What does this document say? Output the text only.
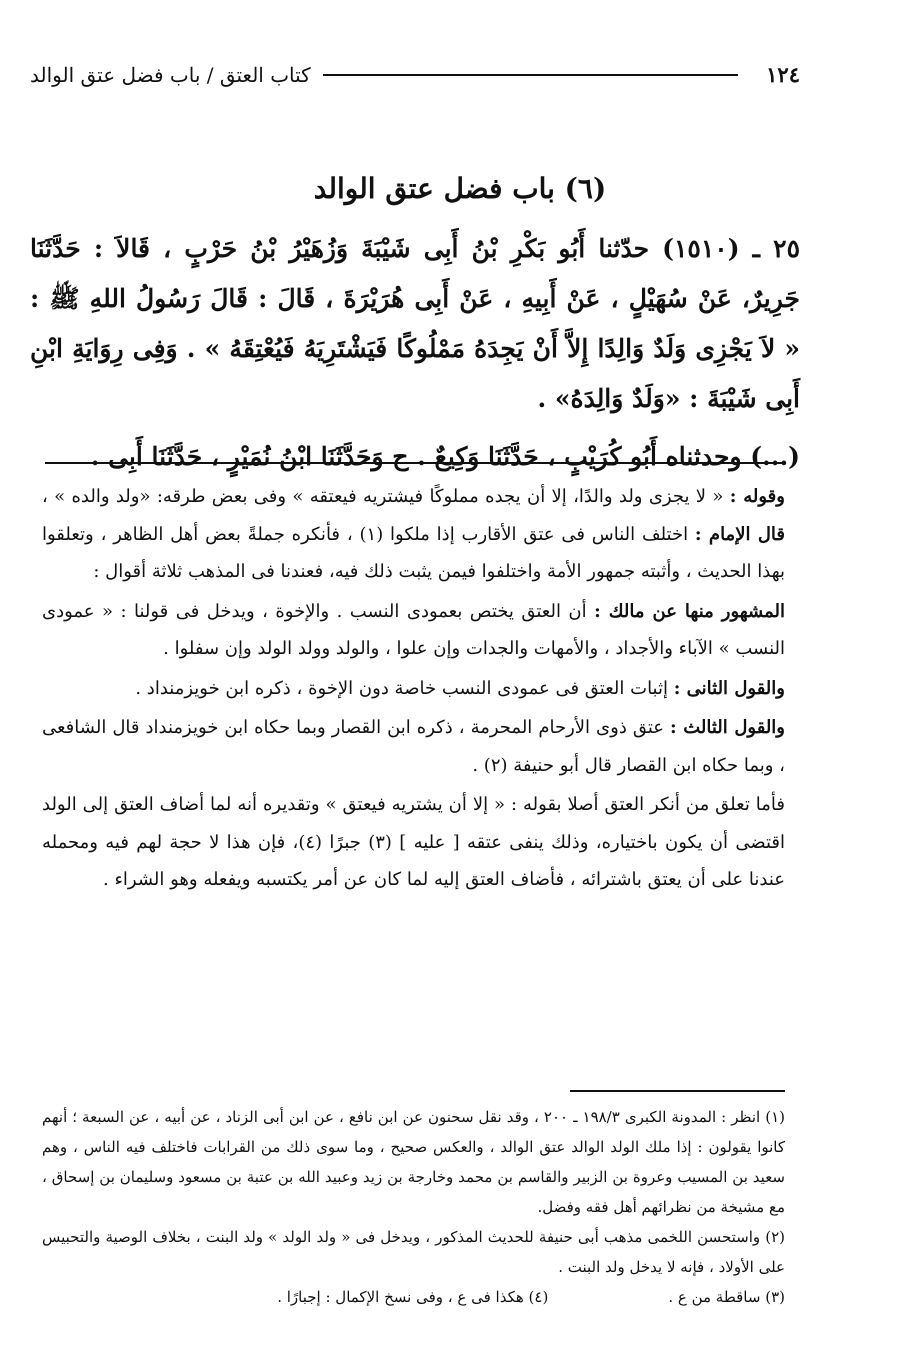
١٢٤
كتاب العتق / باب فضل عتق الوالد
(٦) باب فضل عتق الوالد

٢٥ ـ (١٥١٠) حدّثنا أَبُو بَكْرِ بْنُ أَبِى شَيْبَةَ وَزُهَيْرُ بْنُ حَرْبٍ ، قَالاَ : حَدَّثَنَا جَرِيرٌ، عَنْ سُهَيْلٍ ، عَنْ أَبِيهِ ، عَنْ أَبِى هُرَيْرَةَ ، قَالَ : قَالَ رَسُولُ اللهِ ﷺ : « لاَ يَجْزِى وَلَدٌ وَالِدًا إِلاَّ أَنْ يَجِدَهُ مَمْلُوكًا فَيَشْتَرِيَهُ فَيُعْتِقَهُ » . وَفِى رِوَايَةِ ابْنِ أَبِى شَيْبَةَ : «وَلَدٌ وَالِدَهُ» .

(...) وحدثناه أَبُو كُرَيْبٍ ، حَدَّثَنَا وَكِيعٌ . ح وَحَدَّثَنَا ابْنُ نُمَيْرٍ ، حَدَّثَنَا أَبِى .

وقوله : « لا يجزى ولد والدًا، إلا أن يجده مملوكًا فيشتريه فيعتقه » وفى بعض طرقه: «ولد والده » ، قال الإمام : اختلف الناس فى عتق الأقارب إذا ملكوا (١) ، فأنكره جملةً بعض أهل الظاهر ، وتعلقوا بهذا الحديث ، وأثبته جمهور الأمة واختلفوا فيمن يثبت ذلك فيه، فعندنا فى المذهب ثلاثة أقوال :

المشهور منها عن مالك : أن العتق يختص بعمودى النسب . والإخوة ، ويدخل فى قولنا : « عمودى النسب » الآباء والأجداد ، والأمهات والجدات وإن علوا ، والولد وولد الولد وإن سفلوا .

والقول الثانى : إثبات العتق فى عمودى النسب خاصة دون الإخوة ، ذكره ابن خويزمنداد .

والقول الثالث : عتق ذوى الأرحام المحرمة ، ذكره ابن القصار وبما حكاه ابن خويزمنداد قال الشافعى ، وبما حكاه ابن القصار قال أبو حنيفة (٢) .

فأما تعلق من أنكر العتق أصلا بقوله : « إلا أن يشتريه فيعتق » وتقديره أنه لما أضاف العتق إلى الولد اقتضى أن يكون باختياره، وذلك ينفى عتقه [ عليه ] (٣) جبرًا (٤)، فإن هذا لا حجة لهم فيه ومحمله عندنا على أن يعتق باشترائه ، فأضاف العتق إليه لما كان عن أمر يكتسبه ويفعله وهو الشراء .

(١) انظر : المدونة الكبرى ١٩٨/٣ ـ ٢٠٠ ، وقد نقل سحنون عن ابن نافع ، عن ابن أبى الزناد ، عن أبيه ، عن السبعة ؛ أنهم كانوا يقولون : إذا ملك الولد الوالد عتق الوالد ، والعكس صحيح ، وما سوى ذلك من القرابات فاختلف فيه الناس ، وهم سعيد بن المسيب وعروة بن الزبير والقاسم بن محمد وخارجة بن زيد وعبيد الله بن عتبة بن مسعود وسليمان بن إسحاق ، مع مشيخة من نظرائهم أهل فقه وفضل.

(٢) واستحسن اللخمى مذهب أبى حنيفة للحديث المذكور ، ويدخل فى « ولد الولد » ولد البنت ، بخلاف الوصية والتحبيس على الأولاد ، فإنه لا يدخل ولد البنت .

(٣) ساقطة من ع .
(٤) هكذا فى ع ، وفى نسخ الإكمال : إجبارًا .
